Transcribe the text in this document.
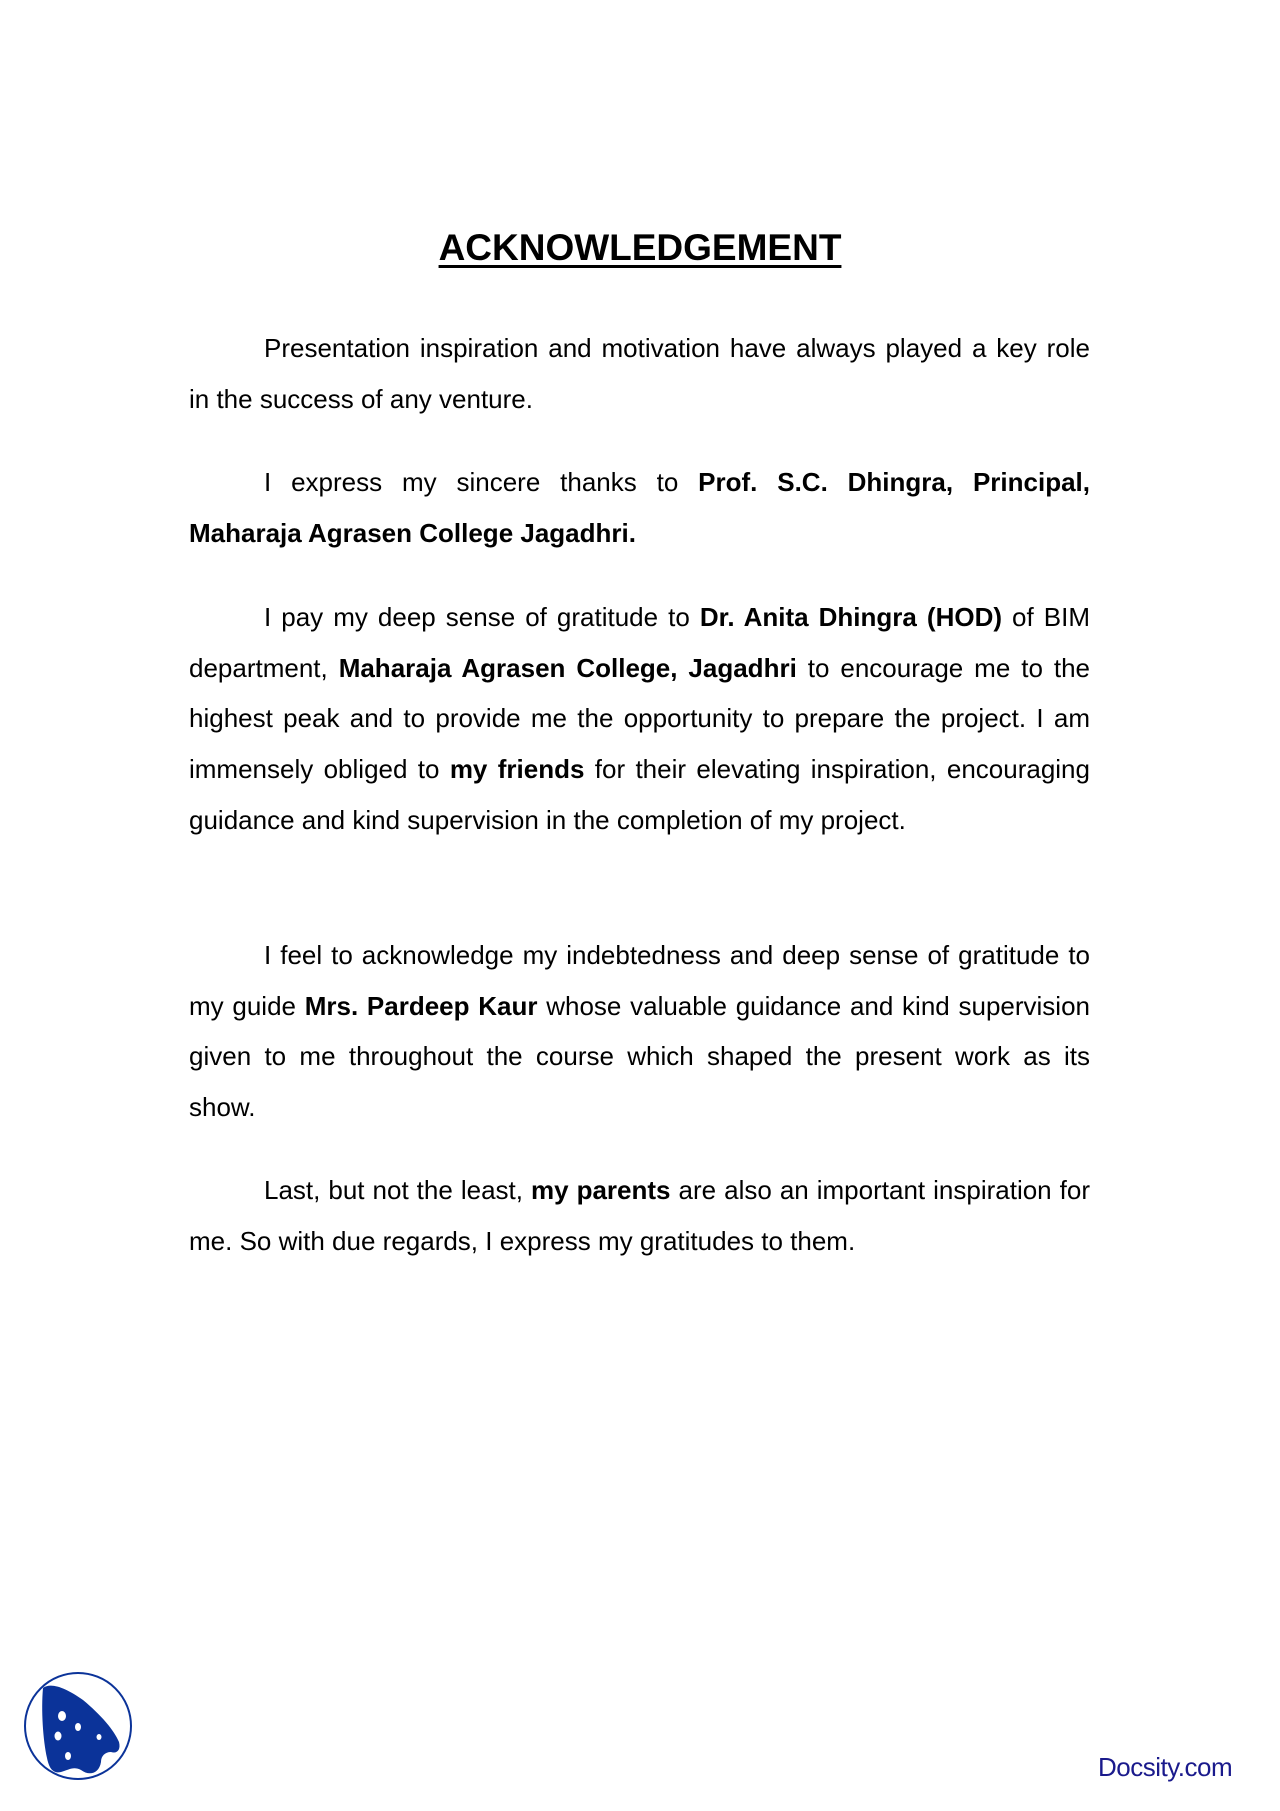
ACKNOWLEDGEMENT

Presentation inspiration and motivation have always played a key role in the success of any venture.

I express my sincere thanks to Prof. S.C. Dhingra, Principal, Maharaja Agrasen College Jagadhri.

I pay my deep sense of gratitude to Dr. Anita Dhingra (HOD) of BIM department, Maharaja Agrasen College, Jagadhri to encourage me to the highest peak and to provide me the opportunity to prepare the project. I am immensely obliged to my friends for their elevating inspiration, encouraging guidance and kind supervision in the completion of my project.

I feel to acknowledge my indebtedness and deep sense of gratitude to my guide Mrs. Pardeep Kaur whose valuable guidance and kind supervision given to me throughout the course which shaped the present work as its show.

Last, but not the least, my parents are also an important inspiration for me. So with due regards, I express my gratitudes to them.

Docsity.com
